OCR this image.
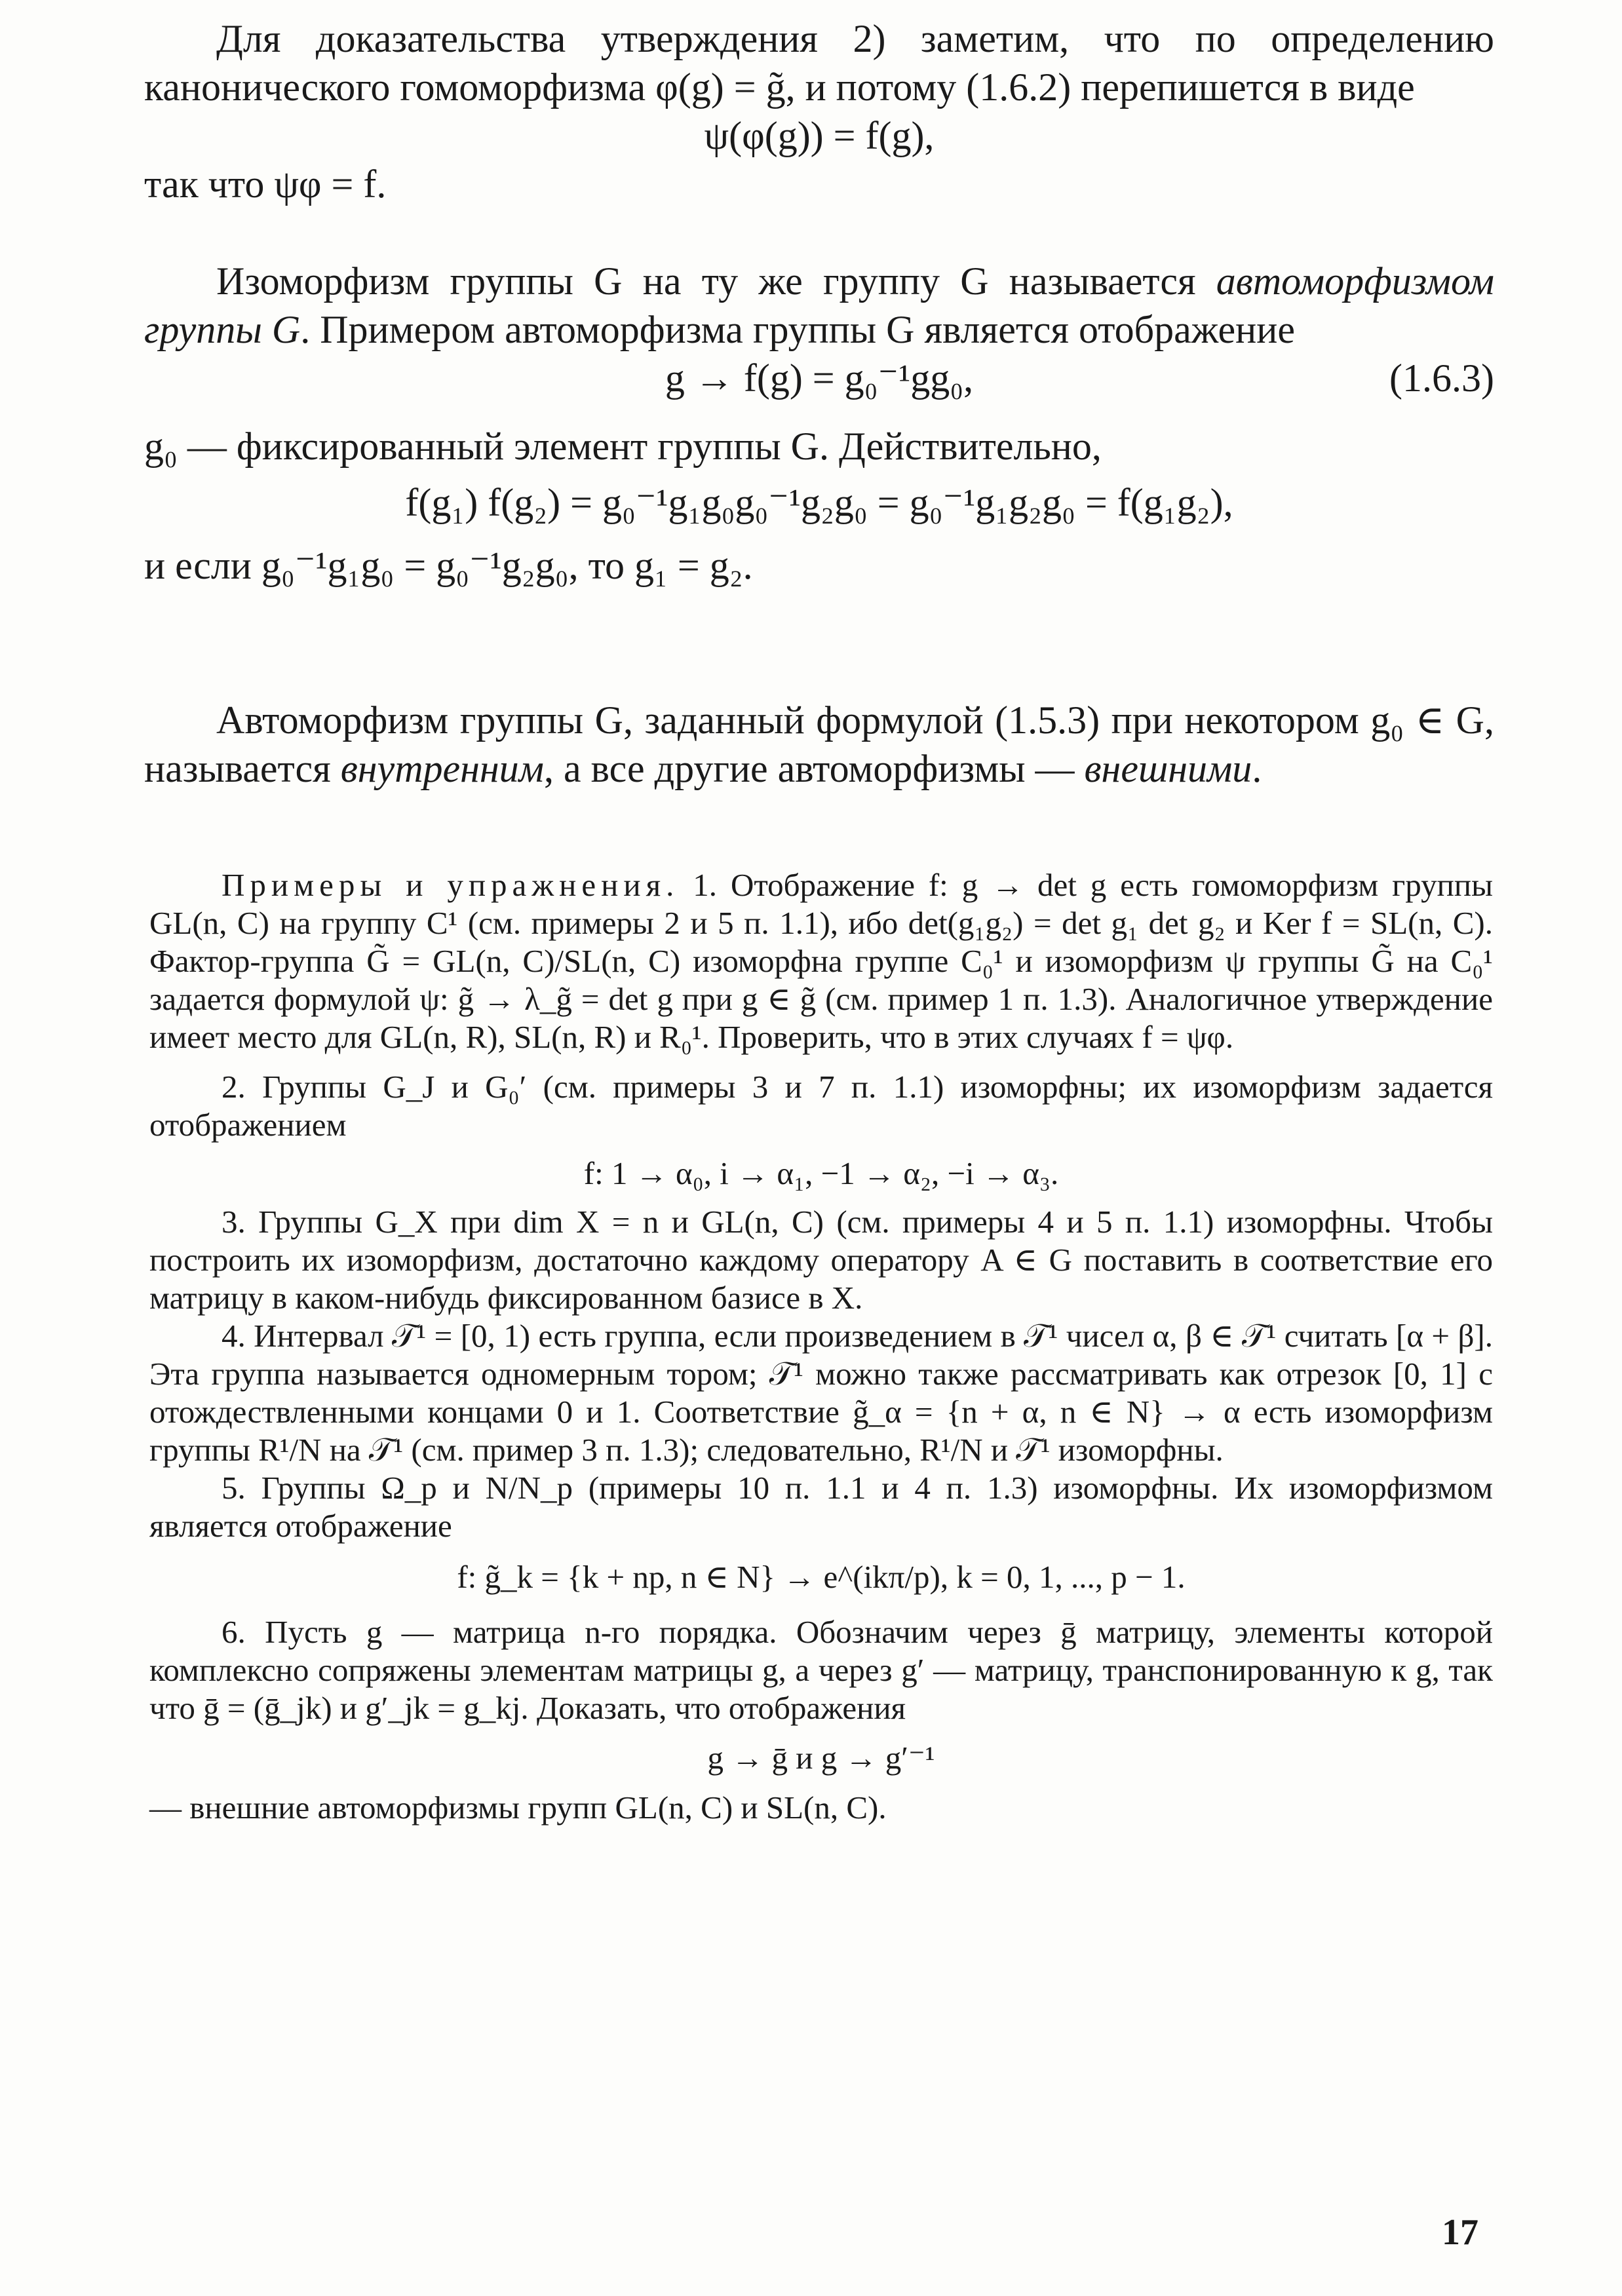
Для доказательства утверждения 2) заметим, что по определению канонического гомоморфизма φ(g) = g̃, и потому (1.6.2) перепишется в виде

ψ(φ(g)) = f(g),

так что ψφ = f.

Изоморфизм группы G на ту же группу G называется автоморфизмом группы G. Примером автоморфизма группы G является отображение

g → f(g) = g₀⁻¹gg₀,	(1.6.3)

g₀ — фиксированный элемент группы G. Действительно,

f(g₁) f(g₂) = g₀⁻¹g₁g₀g₀⁻¹g₂g₀ = g₀⁻¹g₁g₂g₀ = f(g₁g₂),

и если g₀⁻¹g₁g₀ = g₀⁻¹g₂g₀, то g₁ = g₂.

Автоморфизм группы G, заданный формулой (1.5.3) при некотором g₀ ∈ G, называется внутренним, а все другие автоморфизмы — внешними.

Примеры и упражнения. 1. Отображение f: g → det g есть гомоморфизм группы GL(n, C) на группу C¹ (см. примеры 2 и 5 п. 1.1), ибо det(g₁g₂) = det g₁ det g₂ и Ker f = SL(n, C). Фактор-группа G̃ = GL(n, C)/SL(n, C) изоморфна группе C₀¹ и изоморфизм ψ группы G̃ на C₀¹ задается формулой ψ: g̃ → λ_g̃ = det g при g ∈ g̃ (см. пример 1 п. 1.3). Аналогичное утверждение имеет место для GL(n, R), SL(n, R) и R₀¹. Проверить, что в этих случаях f = ψφ.

2. Группы G_J и G₀′ (см. примеры 3 и 7 п. 1.1) изоморфны; их изоморфизм задается отображением

f: 1 → α₀, i → α₁, −1 → α₂, −i → α₃.

3. Группы G_X при dim X = n и GL(n, C) (см. примеры 4 и 5 п. 1.1) изоморфны. Чтобы построить их изоморфизм, достаточно каждому оператору A ∈ G поставить в соответствие его матрицу в каком-нибудь фиксированном базисе в X.

4. Интервал 𝒯¹ = [0, 1) есть группа, если произведением в 𝒯¹ чисел α, β ∈ 𝒯¹ считать [α + β]. Эта группа называется одномерным тором; 𝒯¹ можно также рассматривать как отрезок [0, 1] с отождествленными концами 0 и 1. Соответствие g̃_α = {n + α, n ∈ N} → α есть изоморфизм группы R¹/N на 𝒯¹ (см. пример 3 п. 1.3); следовательно, R¹/N и 𝒯¹ изоморфны.

5. Группы Ω_p и N/N_p (примеры 10 п. 1.1 и 4 п. 1.3) изоморфны. Их изоморфизмом является отображение

f: g̃_k = {k + np, n ∈ N} → e^(ikπ/p), k = 0, 1, ..., p − 1.

6. Пусть g — матрица n-го порядка. Обозначим через ḡ матрицу, элементы которой комплексно сопряжены элементам матрицы g, а через g′ — матрицу, транспонированную к g, так что ḡ = (ḡ_jk) и g′_jk = g_kj. Доказать, что отображения

g → ḡ и g → g′⁻¹

— внешние автоморфизмы групп GL(n, C) и SL(n, C).

17
